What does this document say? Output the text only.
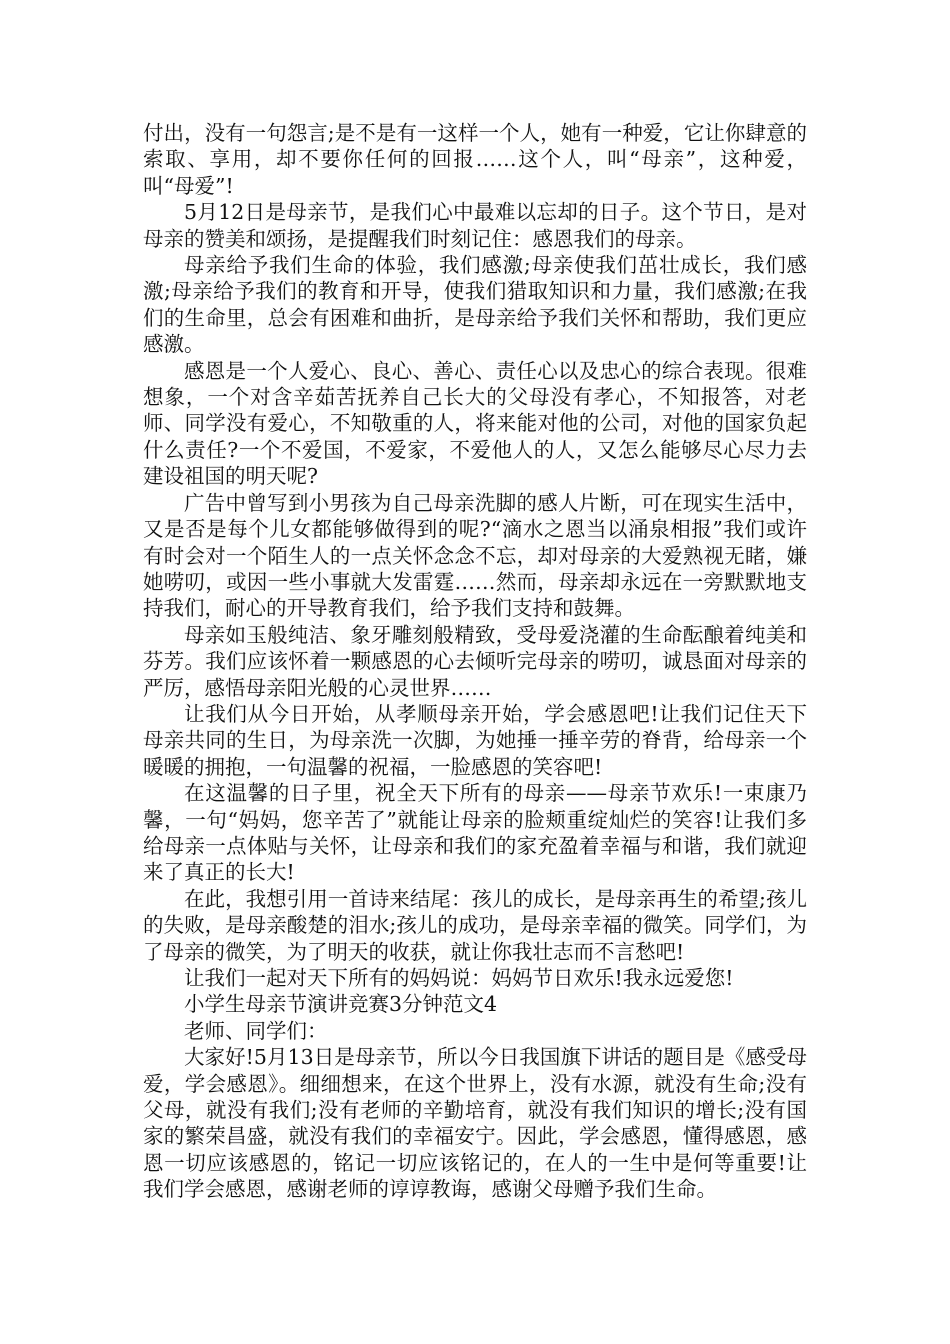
付出，没有一句怨言;是不是有一这样一个人，她有一种爱，它让你肆意的索取、享用，却不要你任何的回报……这个人，叫“母亲”，这种爱，叫“母爱”!

5月12日是母亲节，是我们心中最难以忘却的日子。这个节日，是对母亲的赞美和颂扬，是提醒我们时刻记住：感恩我们的母亲。

母亲给予我们生命的体验，我们感激;母亲使我们茁壮成长，我们感激;母亲给予我们的教育和开导，使我们猎取知识和力量，我们感激;在我们的生命里，总会有困难和曲折，是母亲给予我们关怀和帮助，我们更应感激。

感恩是一个人爱心、良心、善心、责任心以及忠心的综合表现。很难想象，一个对含辛茹苦抚养自己长大的父母没有孝心，不知报答，对老师、同学没有爱心，不知敬重的人，将来能对他的公司，对他的国家负起什么责任?一个不爱国，不爱家，不爱他人的人，又怎么能够尽心尽力去建设祖国的明天呢?

广告中曾写到小男孩为自己母亲洗脚的感人片断，可在现实生活中，又是否是每个儿女都能够做得到的呢?“滴水之恩当以涌泉相报”我们或许有时会对一个陌生人的一点关怀念念不忘，却对母亲的大爱熟视无睹，嫌她唠叨，或因一些小事就大发雷霆……然而，母亲却永远在一旁默默地支持我们，耐心的开导教育我们，给予我们支持和鼓舞。

母亲如玉般纯洁、象牙雕刻般精致，受母爱浇灌的生命酝酿着纯美和芬芳。我们应该怀着一颗感恩的心去倾听完母亲的唠叨，诚恳面对母亲的严厉，感悟母亲阳光般的心灵世界……

让我们从今日开始，从孝顺母亲开始，学会感恩吧!让我们记住天下母亲共同的生日，为母亲洗一次脚，为她捶一捶辛劳的脊背，给母亲一个暖暖的拥抱，一句温馨的祝福，一脸感恩的笑容吧!

在这温馨的日子里，祝全天下所有的母亲——母亲节欢乐!一束康乃馨，一句“妈妈，您辛苦了”就能让母亲的脸颊重绽灿烂的笑容!让我们多给母亲一点体贴与关怀，让母亲和我们的家充盈着幸福与和谐，我们就迎来了真正的长大!

在此，我想引用一首诗来结尾：孩儿的成长，是母亲再生的希望;孩儿的失败，是母亲酸楚的泪水;孩儿的成功，是母亲幸福的微笑。同学们，为了母亲的微笑，为了明天的收获，就让你我壮志而不言愁吧!

让我们一起对天下所有的妈妈说：妈妈节日欢乐!我永远爱您!

小学生母亲节演讲竞赛3分钟范文4

老师、同学们：

大家好!5月13日是母亲节，所以今日我国旗下讲话的题目是《感受母爱，学会感恩》。细细想来，在这个世界上，没有水源，就没有生命;没有父母，就没有我们;没有老师的辛勤培育，就没有我们知识的增长;没有国家的繁荣昌盛，就没有我们的幸福安宁。因此，学会感恩，懂得感恩，感恩一切应该感恩的，铭记一切应该铭记的，在人的一生中是何等重要!让我们学会感恩，感谢老师的谆谆教诲，感谢父母赠予我们生命。
